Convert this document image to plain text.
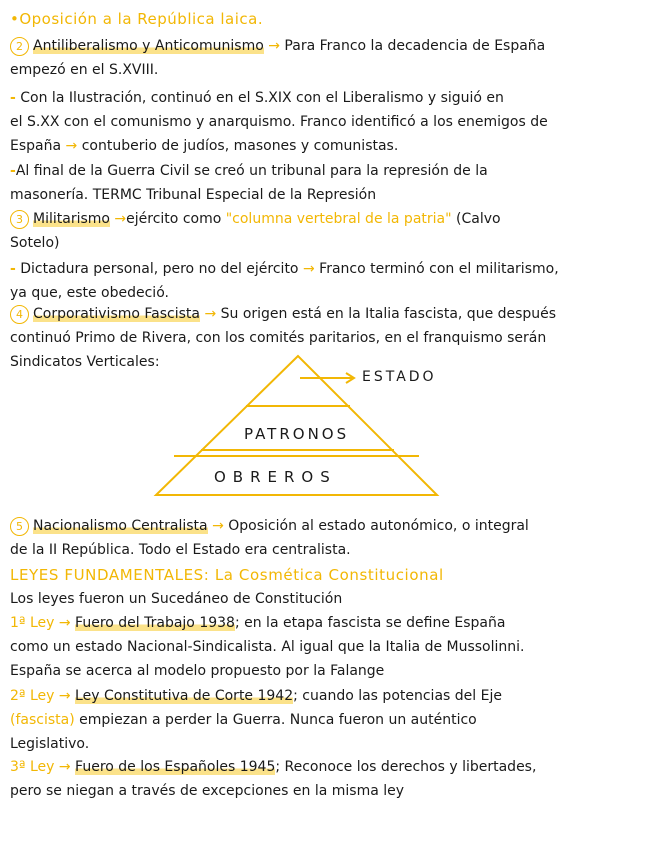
•Oposición a la República laica.
2 Antiliberalismo y Anticomunismo → Para Franco la decadencia de España
empezó en el S.XVIII.
‑ Con la Ilustración, continuó en el S.XIX con el Liberalismo y siguió en
el S.XX con el comunismo y anarquismo. Franco identificó a los enemigos de
España → contuberio de judíos, masones y comunistas.
‑Al final de la Guerra Civil se creó un tribunal para la represión de la
masonería. TERMC Tribunal Especial de la Represión
3 Militarismo →ejército como "columna vertebral de la patria" (Calvo
Sotelo)
‑ Dictadura personal, pero no del ejército → Franco terminó con el militarismo,
ya que, este obedeció.
4 Corporativismo Fascista → Su origen está en la Italia fascista, que después
continuó Primo de Rivera, con los comités paritarios, en el franquismo serán
Sindicatos Verticales:
ESTADO
PATRONOS
OBREROS
5 Nacionalismo Centralista → Oposición al estado autonómico, o integral
de la II República. Todo el Estado era centralista.
LEYES FUNDAMENTALES: La Cosmética Constitucional
Los leyes fueron un Sucedáneo de Constitución
1ª Ley → Fuero del Trabajo 1938; en la etapa fascista se define España
como un estado Nacional-Sindicalista. Al igual que la Italia de Mussolinni.
España se acerca al modelo propuesto por la Falange
2ª Ley → Ley Constitutiva de Corte 1942; cuando las potencias del Eje
(fascista) empiezan a perder la Guerra. Nunca fueron un auténtico
Legislativo.
3ª Ley → Fuero de los Españoles 1945; Reconoce los derechos y libertades,
pero se niegan a través de excepciones en la misma ley
